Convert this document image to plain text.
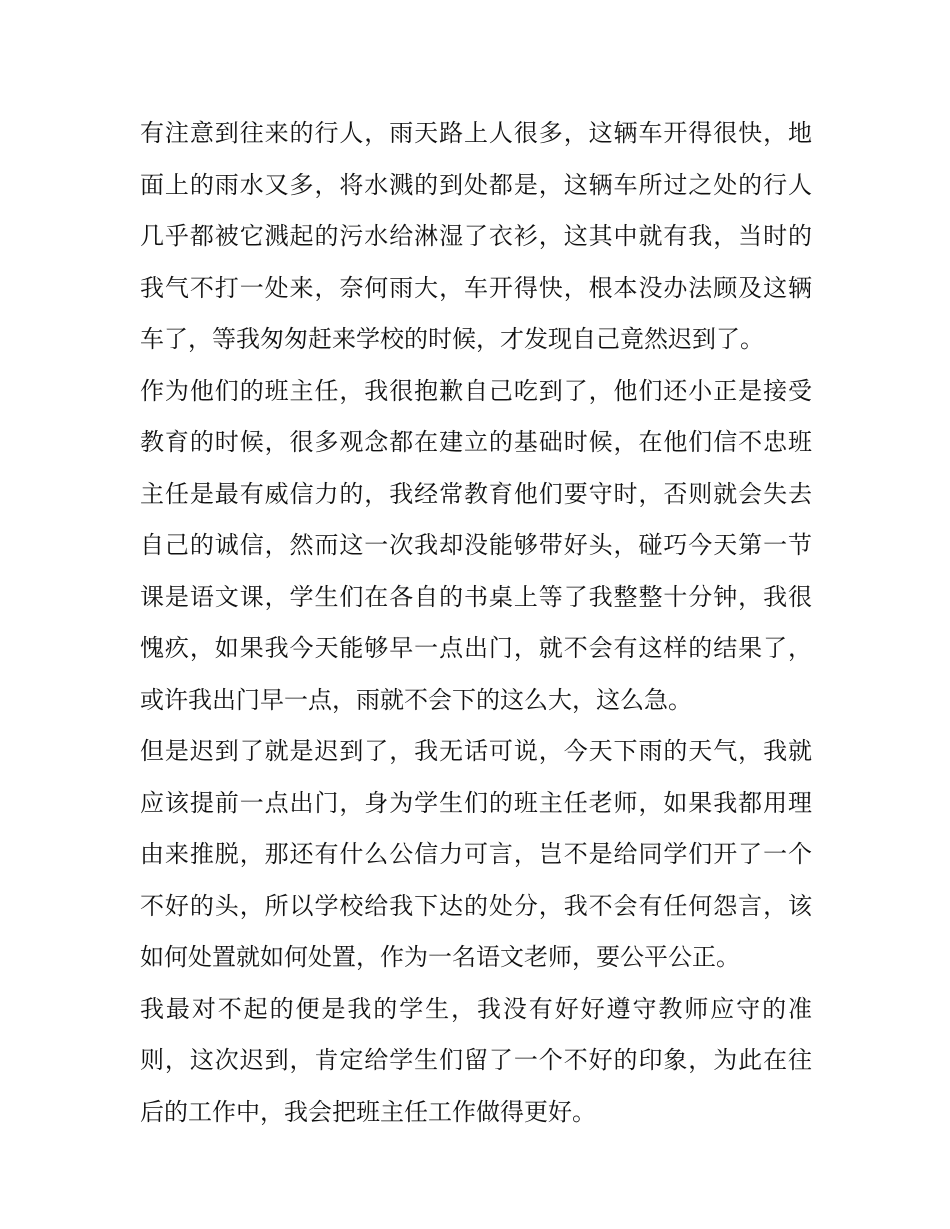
有注意到往来的行人，雨天路上人很多，这辆车开得很快，地
面上的雨水又多，将水溅的到处都是，这辆车所过之处的行人
几乎都被它溅起的污水给淋湿了衣衫，这其中就有我，当时的
我气不打一处来，奈何雨大，车开得快，根本没办法顾及这辆
车了，等我匆匆赶来学校的时候，才发现自己竟然迟到了。
作为他们的班主任，我很抱歉自己吃到了，他们还小正是接受
教育的时候，很多观念都在建立的基础时候，在他们信不忠班
主任是最有威信力的，我经常教育他们要守时，否则就会失去
自己的诚信，然而这一次我却没能够带好头，碰巧今天第一节
课是语文课，学生们在各自的书桌上等了我整整十分钟，我很
愧疚，如果我今天能够早一点出门，就不会有这样的结果了，
或许我出门早一点，雨就不会下的这么大，这么急。
但是迟到了就是迟到了，我无话可说，今天下雨的天气，我就
应该提前一点出门，身为学生们的班主任老师，如果我都用理
由来推脱，那还有什么公信力可言，岂不是给同学们开了一个
不好的头，所以学校给我下达的处分，我不会有任何怨言，该
如何处置就如何处置，作为一名语文老师，要公平公正。
我最对不起的便是我的学生，我没有好好遵守教师应守的准
则，这次迟到，肯定给学生们留了一个不好的印象，为此在往
后的工作中，我会把班主任工作做得更好。
